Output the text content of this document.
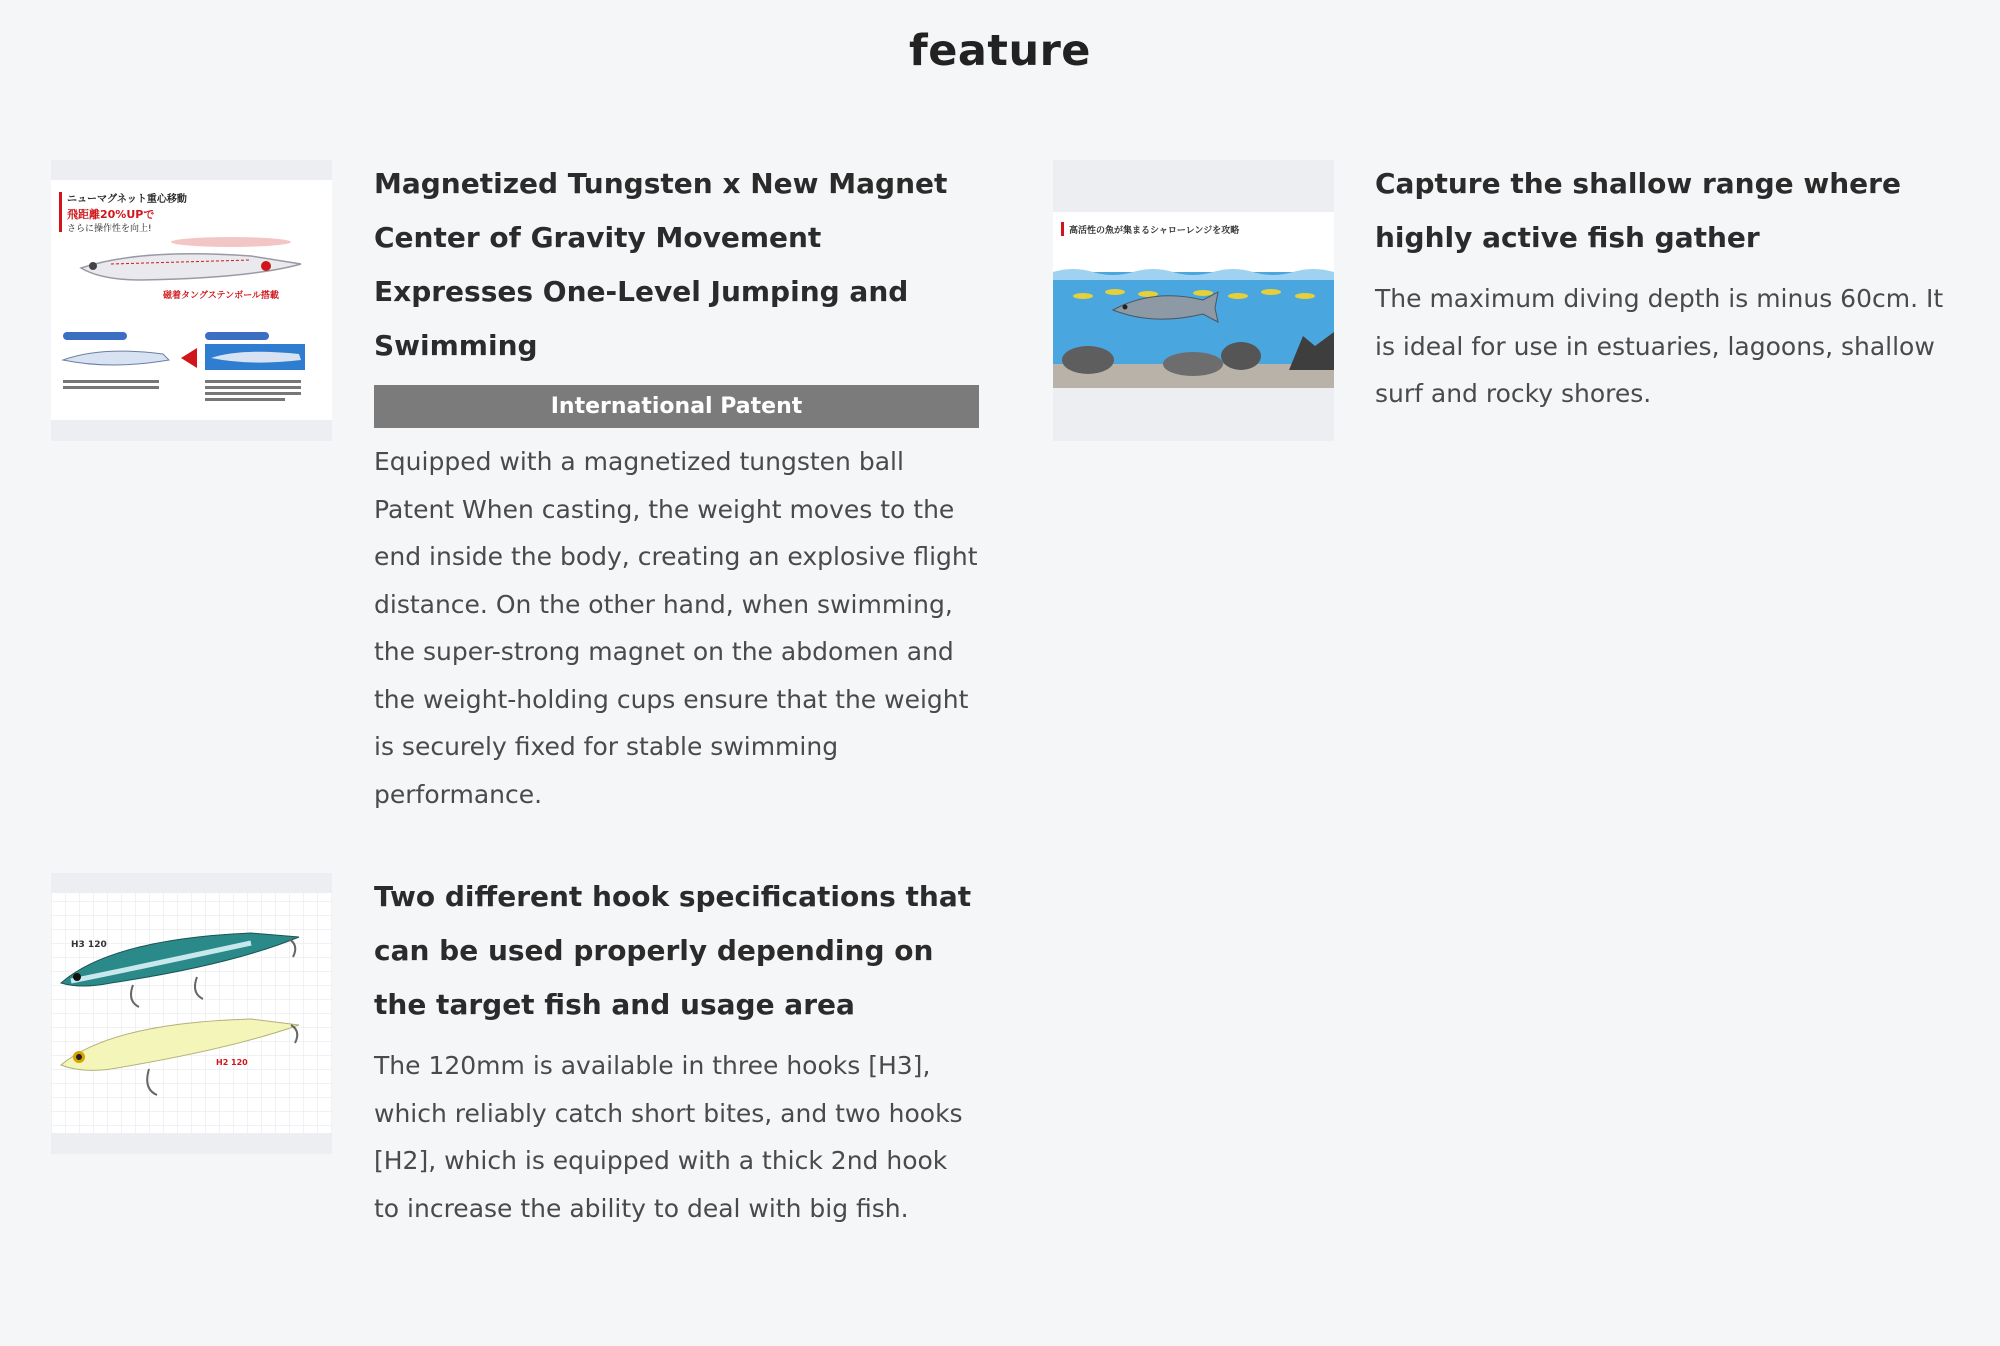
feature
ニューマグネット重心移動
飛距離20%UPで
さらに操作性を向上!
磁着タングステンボール搭載
Magnetized Tungsten x New Magnet Center of Gravity Movement Expresses One-Level Jumping and Swimming
International Patent

Equipped with a magnetized tungsten ball Patent When casting, the weight moves to the end inside the body, creating an explosive flight distance. On the other hand, when swimming, the super-strong magnet on the abdomen and the weight-holding cups ensure that the weight is securely fixed for stable swimming performance.

高活性の魚が集まるシャローレンジを攻略
Capture the shallow range where highly active fish gather

The maximum diving depth is minus 60cm. It is ideal for use in estuaries, lagoons, shallow surf and rocky shores.

H3 120
H2 120
Two different hook specifications that can be used properly depending on the target fish and usage area

The 120mm is available in three hooks [H3], which reliably catch short bites, and two hooks [H2], which is equipped with a thick 2nd hook to increase the ability to deal with big fish.
